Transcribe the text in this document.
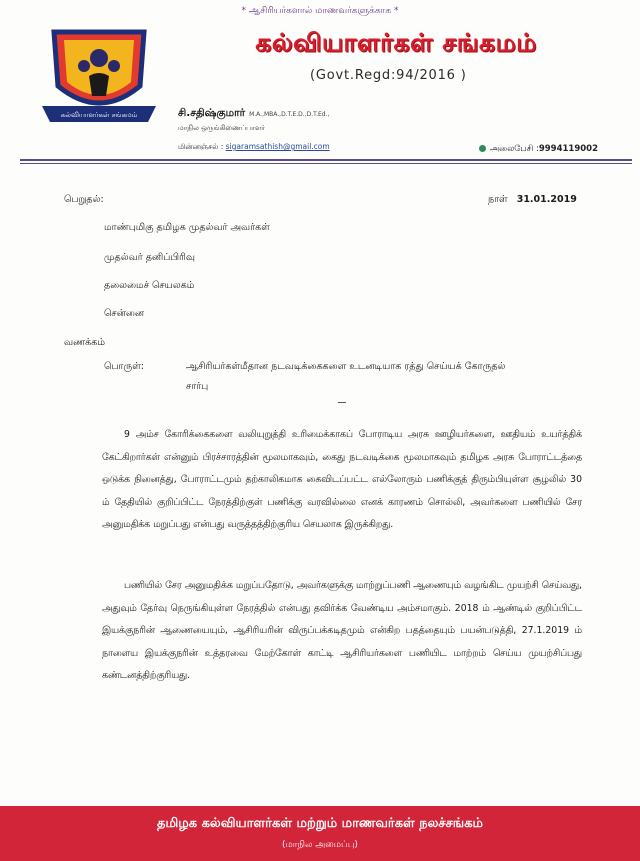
* ஆசிரியர்களால் மாணவர்களுக்காக *
கல்வியாளர்கள் சங்கமம்
கல்வியாளர்கள் சங்கமம்
(Govt.Regd:94/2016 )
சி.சதிஷ்குமார் M.A.,MBA.,D.T.E.D.,D.T.Ed.,
மாநில ஒருங்கிணைப்பாளர்
மின்னஞ்சல் : sigaramsathish@gmail.com	அலைபேசி :9994119002
பெறுதல்:	நாள் 31.01.2019
மாண்புமிகு தமிழக முதல்வர் அவர்கள்
முதல்வர் தனிப்பிரிவு
தலைமைச் செயலகம்
சென்னை
வணக்கம்
பொருள்:	ஆசிரியர்கள்மீதான நடவடிக்கைகளை உடனடியாக ரத்து செய்யக் கோருதல்
சார்பு
9 அம்ச கோரிக்கைகளை வலியுறுத்தி உரிமைக்காகப் போராடிய அரசு ஊழியர்களை, ஊதியம் உயர்த்திக் கேட்கிறார்கள் என்னும் பிரச்சாரத்தின் மூலமாகவும், கைது நடவடிக்கை மூலமாகவும் தமிழக அரசு போராட்டத்தை ஒடுக்க நினைத்து, போராட்டமும் தற்காலிகமாக கைவிடப்பட்ட எல்லோரும் பணிக்குத் திரும்பியுள்ள சூழலில் 30 ம் தேதியில் குறிப்பிட்ட நேரத்திற்குள் பணிக்கு வரவில்லை எனக் காரணம் சொல்லி, அவர்களை பணியில் சேர அனுமதிக்க மறுப்பது என்பது வருத்தத்திற்குரிய செயலாக இருக்கிறது.
பணியில் சேர அனுமதிக்க மறுப்பதோடு, அவர்களுக்கு மாற்றுப்பணி ஆணையும் வழங்கிட முயற்சி செய்வது, அதுவும் தேர்வு நெருங்கியுள்ள நேரத்தில் என்பது தவிர்க்க வேண்டிய அம்சமாகும். 2018 ம் ஆண்டில் குறிப்பிட்ட இயக்குநரின் ஆணையையும், ஆசிரியரின் விருப்பக்கடிதமும் என்கிற பதத்தையும் பயன்படுத்தி, 27.1.2019 ம் நாளைய இயக்குநரின் உத்தரவை மேற்கோள் காட்டி ஆசிரியர்களை பணியிட மாற்றம் செய்ய முயற்சிப்பது கண்டனத்திற்குரியது.
தமிழக கல்வியாளர்கள் மற்றும் மாணவர்கள் நலச்சங்கம்
(மாநில அமைப்பு)
